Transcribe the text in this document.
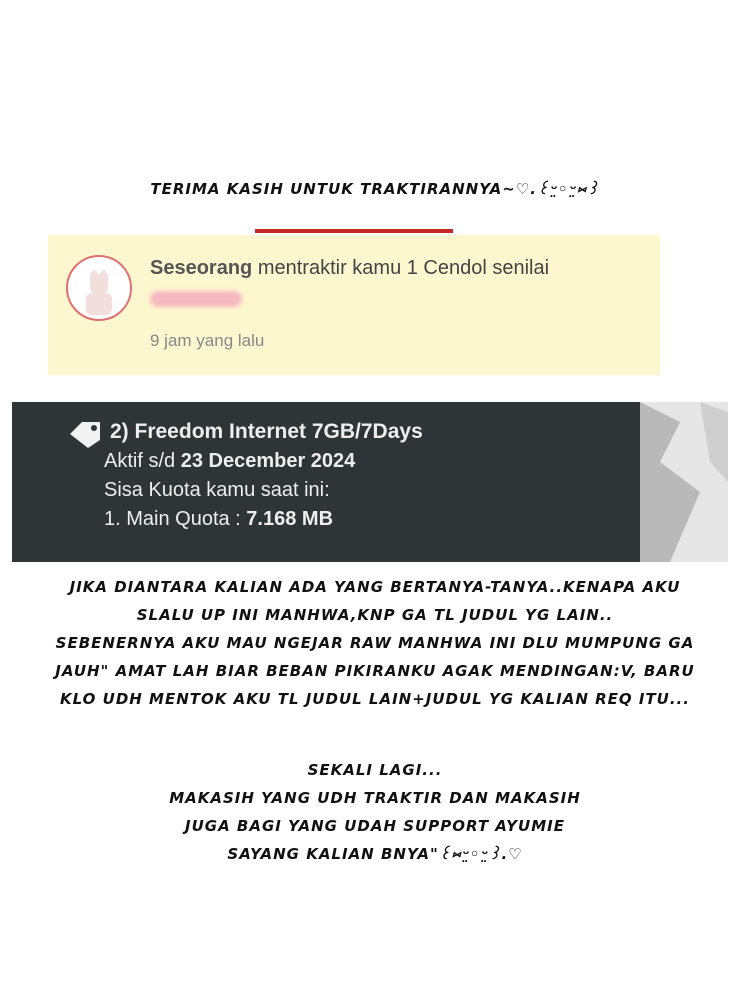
TERIMA KASIH UNTUK TRAKTIRANNYA~♡.꒰ᵕ̤◦ᵕ̤⑅꒱
Seseorang mentraktir kamu 1 Cendol senilai
9 jam yang lalu
2) Freedom Internet 7GB/7Days
Aktif s/d 23 December 2024
Sisa Kuota kamu saat ini:
1. Main Quota : 7.168 MB
JIKA DIANTARA KALIAN ADA YANG BERTANYA-TANYA..KENAPA AKU
SLALU UP INI MANHWA,KNP GA TL JUDUL YG LAIN..
SEBENERNYA AKU MAU NGEJAR RAW MANHWA INI DLU MUMPUNG GA
JAUH" AMAT LAH BIAR BEBAN PIKIRANKU AGAK MENDINGAN:V, BARU
KLO UDH MENTOK AKU TL JUDUL LAIN+JUDUL YG KALIAN REQ ITU...
SEKALI LAGI...
MAKASIH YANG UDH TRAKTIR DAN MAKASIH
JUGA BAGI YANG UDAH SUPPORT AYUMIE
SAYANG KALIAN BNYA"꒰⑅ᵕ̤◦ᵕ̤꒱.♡
